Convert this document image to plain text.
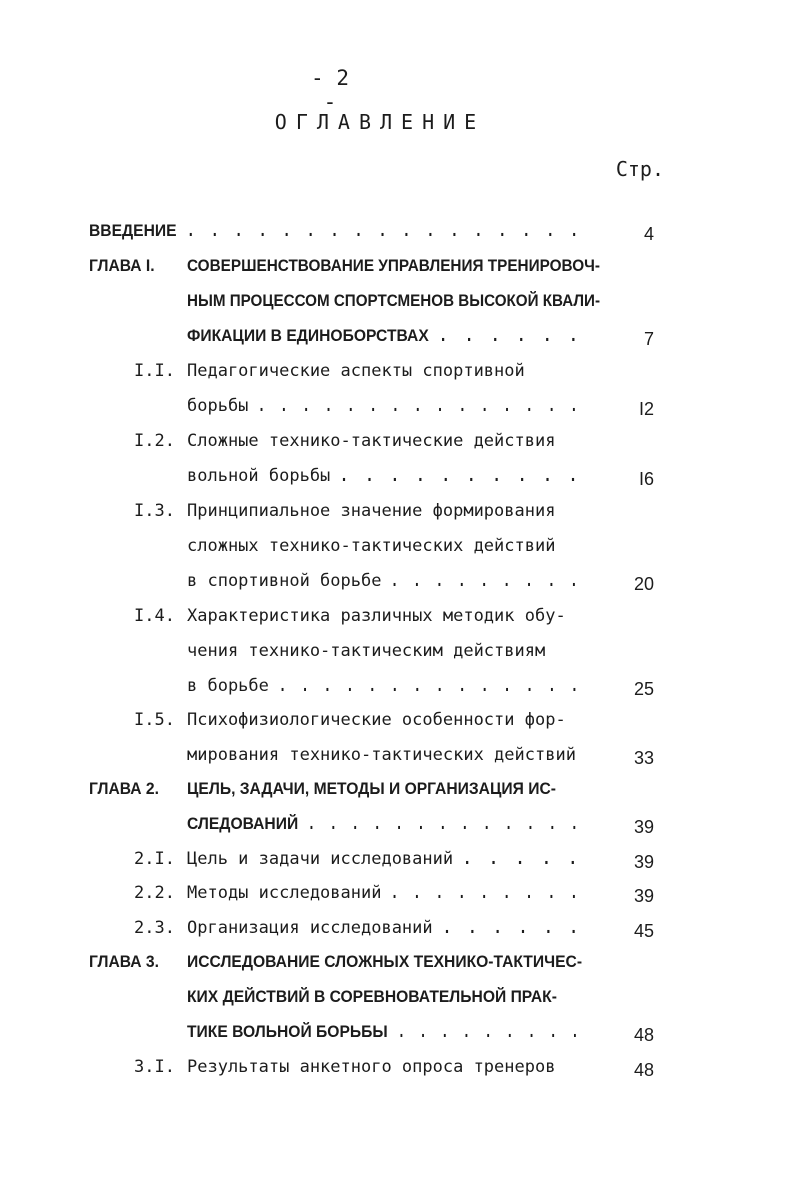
- 2 -
ОГЛАВЛЕНИЕ
Стр.
ВВЕДЕНИЕ . . . . . . . . . . . . . . . . .	4
ГЛАВА I. СОВЕРШЕНСТВОВАНИЕ УПРАВЛЕНИЯ ТРЕНИРОВОЧ-
НЫМ ПРОЦЕССОМ СПОРТСМЕНОВ ВЫСОКОЙ КВАЛИ-
ФИКАЦИИ В ЕДИНОБОРСТВАХ . . . . . .	7
I.I. Педагогические аспекты спортивной
борьбы . . . . . . . . . . . . . . .	I2
I.2. Сложные технико-тактические действия
вольной борьбы . . . . . . . . . .	I6
I.3. Принципиальное значение формирования
сложных технико-тактических действий
в спортивной борьбе . . . . . . . . .	20
I.4. Характеристика различных методик обу-
чения технико-тактическим действиям
в борьбе . . . . . . . . . . . . . .	25
I.5. Психофизиологические особенности фор-
мирования технико-тактических действий	33
ГЛАВА 2. ЦЕЛЬ, ЗАДАЧИ, МЕТОДЫ И ОРГАНИЗАЦИЯ ИС-
СЛЕДОВАНИЙ . . . . . . . . . . . . .	39
2.I. Цель и задачи исследований . . . . .	39
2.2. Методы исследований . . . . . . . . .	39
2.3. Организация исследований . . . . . .	45
ГЛАВА 3. ИССЛЕДОВАНИЕ СЛОЖНЫХ ТЕХНИКО-ТАКТИЧЕС-
КИХ ДЕЙСТВИЙ В СОРЕВНОВАТЕЛЬНОЙ ПРАК-
ТИКЕ ВОЛЬНОЙ БОРЬБЫ . . . . . . . . .	48
3.I. Результаты анкетного опроса тренеров	48
